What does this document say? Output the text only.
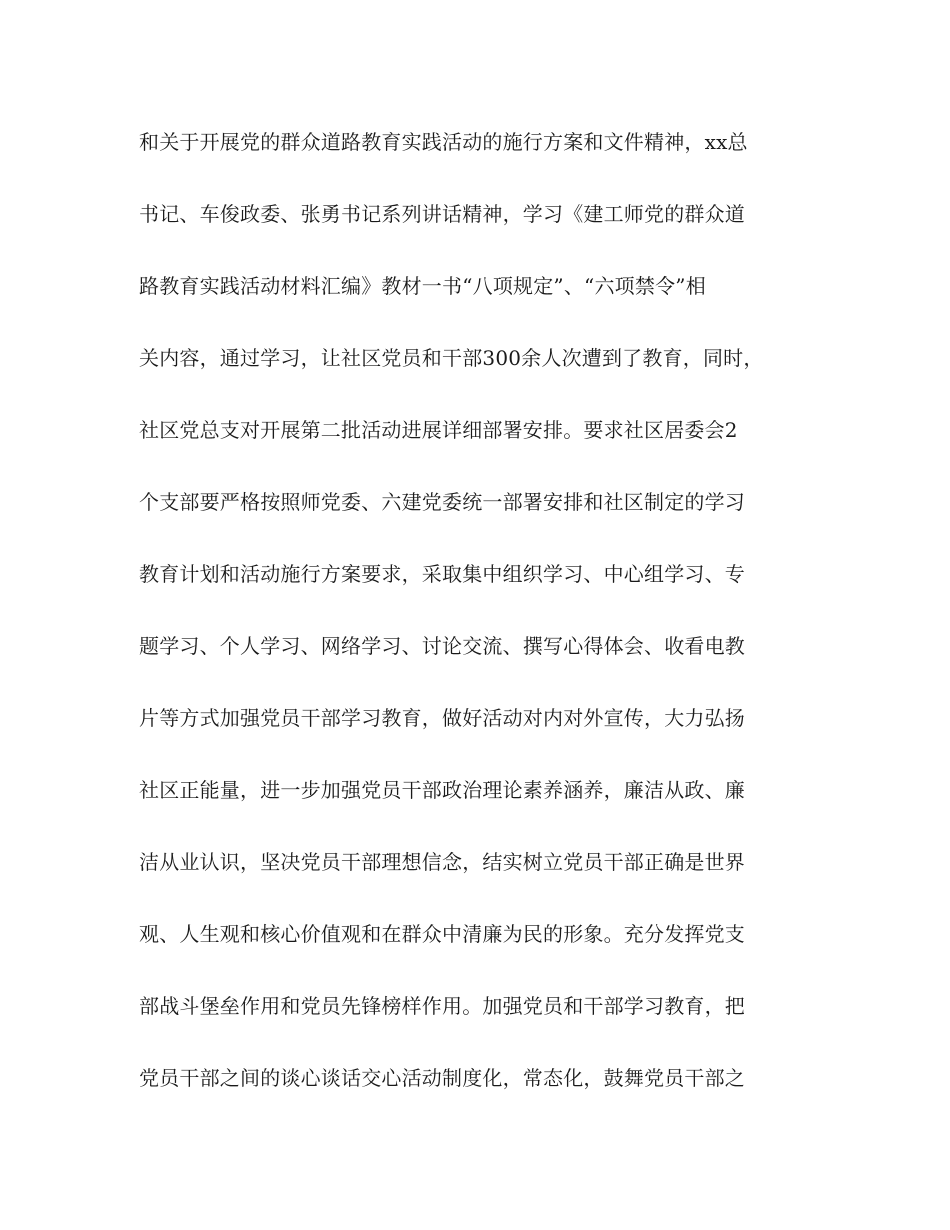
和关于开展党的群众道路教育实践活动的施行方案和文件精神，xx总
书记、车俊政委、张勇书记系列讲话精神，学习《建工师党的群众道
路教育实践活动材料汇编》教材一书“八项规定”、“六项禁令”相
关内容，通过学习，让社区党员和干部300余人次遭到了教育，同时，
社区党总支对开展第二批活动进展详细部署安排。要求社区居委会2
个支部要严格按照师党委、六建党委统一部署安排和社区制定的学习
教育计划和活动施行方案要求，采取集中组织学习、中心组学习、专
题学习、个人学习、网络学习、讨论交流、撰写心得体会、收看电教
片等方式加强党员干部学习教育，做好活动对内对外宣传，大力弘扬
社区正能量，进一步加强党员干部政治理论素养涵养，廉洁从政、廉
洁从业认识，坚决党员干部理想信念，结实树立党员干部正确是世界
观、人生观和核心价值观和在群众中清廉为民的形象。充分发挥党支
部战斗堡垒作用和党员先锋榜样作用。加强党员和干部学习教育，把
党员干部之间的谈心谈话交心活动制度化，常态化，鼓舞党员干部之
